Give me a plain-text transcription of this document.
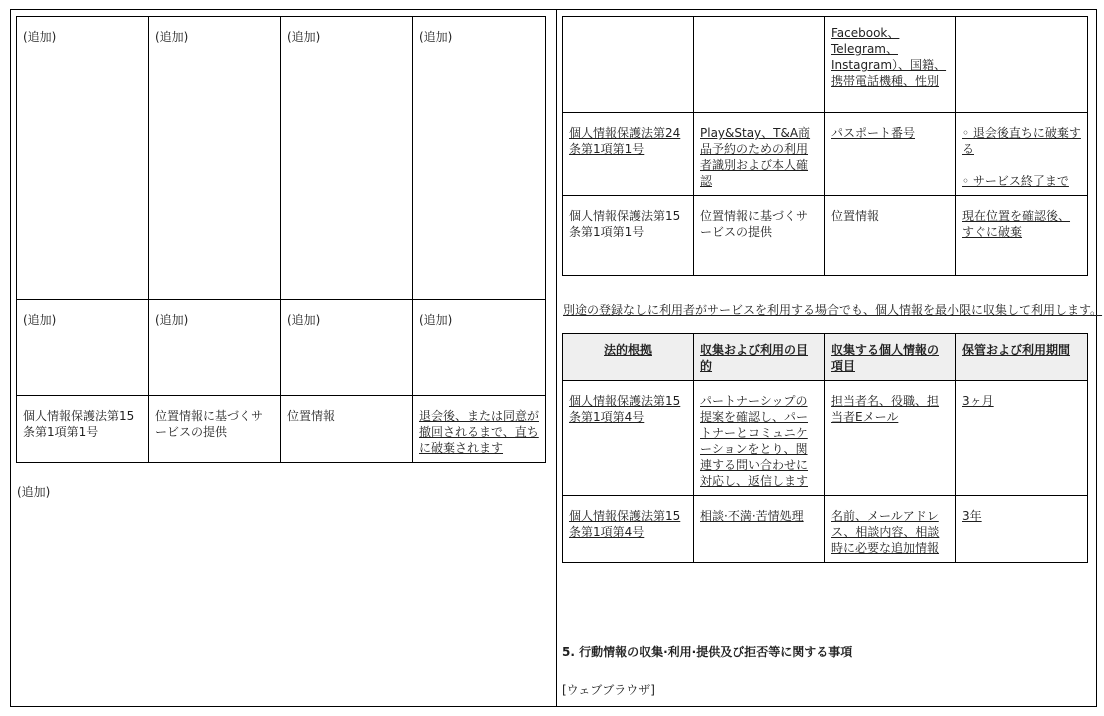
(追加)	(追加)	(追加)	(追加)
(追加)	(追加)	(追加)	(追加)
個人情報保護法第15条第1項第1号	位置情報に基づくサービスの提供	位置情報	退会後、または同意が撤回されるまで、直ちに破棄されます
(追加)
		Facebook、Telegram、Instagram）、国籍、携帯電話機種、性別	
個人情報保護法第24条第1項第1号	Play&Stay、T&A商品予約のための利用者識別および本人確認	パスポート番号	◦ 退会後直ちに破棄する
◦ サービス終了まで

個人情報保護法第15条第1項第1号	位置情報に基づくサービスの提供	位置情報	現在位置を確認後、すぐに破棄
別途の登録なしに利用者がサービスを利用する場合でも、個人情報を最小限に収集して利用します。
法的根拠	収集および利用の目的	収集する個人情報の項目	保管および利用期間
個人情報保護法第15条第1項第4号	パートナーシップの提案を確認し、パートナーとコミュニケーションをとり、関連する問い合わせに対応し、返信します	担当者名、役職、担当者Eメール	3ヶ月
個人情報保護法第15条第1項第4号	相談·不満·苦情処理	名前、メールアドレス、相談内容、相談時に必要な追加情報	3年
5. 行動情報の収集·利用·提供及び拒否等に関する事項
[ウェブブラウザ]
